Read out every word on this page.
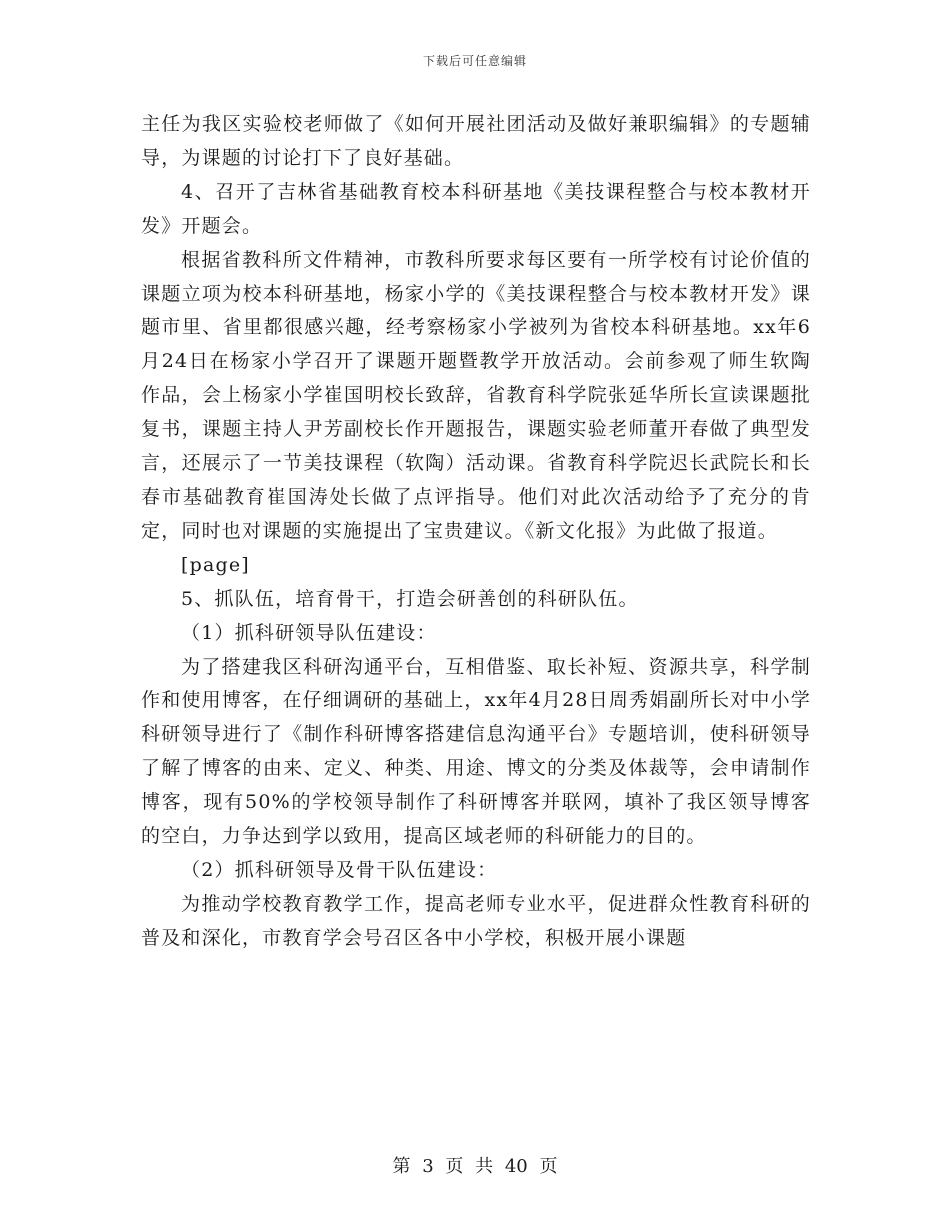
下载后可任意编辑

主任为我区实验校老师做了《如何开展社团活动及做好兼职编辑》的专题辅导，为课题的讨论打下了良好基础。

4、召开了吉林省基础教育校本科研基地《美技课程整合与校本教材开发》开题会。

根据省教科所文件精神，市教科所要求每区要有一所学校有讨论价值的课题立项为校本科研基地，杨家小学的《美技课程整合与校本教材开发》课题市里、省里都很感兴趣，经考察杨家小学被列为省校本科研基地。xx年6月24日在杨家小学召开了课题开题暨教学开放活动。会前参观了师生软陶作品，会上杨家小学崔国明校长致辞，省教育科学院张延华所长宣读课题批复书，课题主持人尹芳副校长作开题报告，课题实验老师董开春做了典型发言，还展示了一节美技课程（软陶）活动课。省教育科学院迟长武院长和长春市基础教育崔国涛处长做了点评指导。他们对此次活动给予了充分的肯定，同时也对课题的实施提出了宝贵建议。《新文化报》为此做了报道。

[page]

5、抓队伍，培育骨干，打造会研善创的科研队伍。

（1）抓科研领导队伍建设：

为了搭建我区科研沟通平台，互相借鉴、取长补短、资源共享，科学制作和使用博客，在仔细调研的基础上，xx年4月28日周秀娟副所长对中小学科研领导进行了《制作科研博客搭建信息沟通平台》专题培训，使科研领导了解了博客的由来、定义、种类、用途、博文的分类及体裁等，会申请制作博客，现有50%的学校领导制作了科研博客并联网，填补了我区领导博客的空白，力争达到学以致用，提高区域老师的科研能力的目的。

（2）抓科研领导及骨干队伍建设：

为推动学校教育教学工作，提高老师专业水平，促进群众性教育科研的普及和深化，市教育学会号召区各中小学校，积极开展小课题

第 3 页 共 40 页
